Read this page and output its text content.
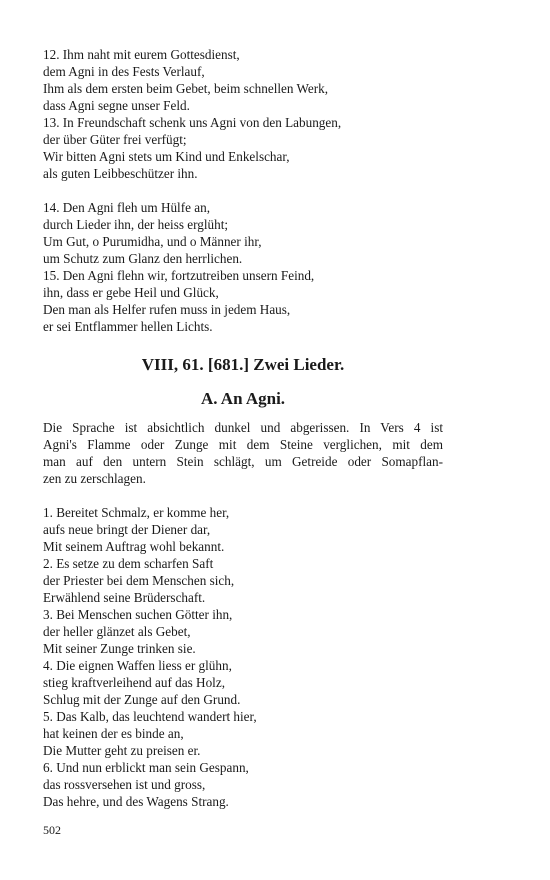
12. Ihm naht mit eurem Gottesdienst,
dem Agni in des Fests Verlauf,
Ihm als dem ersten beim Gebet, beim schnellen Werk,
dass Agni segne unser Feld.
13. In Freundschaft schenk uns Agni von den Labungen,
der über Güter frei verfügt;
Wir bitten Agni stets um Kind und Enkelschar,
als guten Leibbeschützer ihn.
14. Den Agni fleh um Hülfe an,
durch Lieder ihn, der heiss erglüht;
Um Gut, o Purumidha, und o Männer ihr,
um Schutz zum Glanz den herrlichen.
15. Den Agni flehn wir, fortzutreiben unsern Feind,
ihn, dass er gebe Heil und Glück,
Den man als Helfer rufen muss in jedem Haus,
er sei Entflammer hellen Lichts.
VIII, 61. [681.] Zwei Lieder.
A. An Agni.
Die Sprache ist absichtlich dunkel und abgerissen. In Vers 4 ist
Agni's Flamme oder Zunge mit dem Steine verglichen, mit dem
man auf den untern Stein schlägt, um Getreide oder Somapflan-
zen zu zerschlagen.
1. Bereitet Schmalz, er komme her,
aufs neue bringt der Diener dar,
Mit seinem Auftrag wohl bekannt.
2. Es setze zu dem scharfen Saft
der Priester bei dem Menschen sich,
Erwählend seine Brüderschaft.
3. Bei Menschen suchen Götter ihn,
der heller glänzet als Gebet,
Mit seiner Zunge trinken sie.
4. Die eignen Waffen liess er glühn,
stieg kraftverleihend auf das Holz,
Schlug mit der Zunge auf den Grund.
5. Das Kalb, das leuchtend wandert hier,
hat keinen der es binde an,
Die Mutter geht zu preisen er.
6. Und nun erblickt man sein Gespann,
das rossversehen ist und gross,
Das hehre, und des Wagens Strang.
502
